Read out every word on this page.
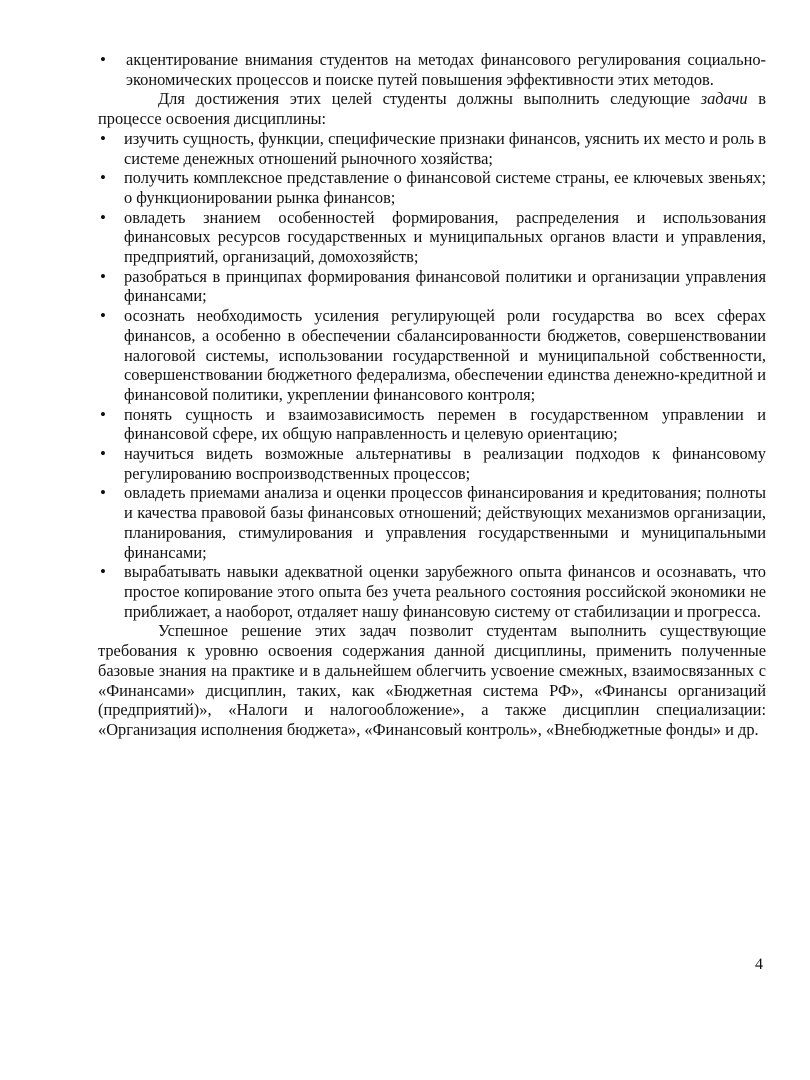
• акцентирование внимания студентов на методах финансового регулирования социально-экономических процессов и поиске путей повышения эффективности этих методов.

Для достижения этих целей студенты должны выполнить следующие задачи в процессе освоения дисциплины:

• изучить сущность, функции, специфические признаки финансов, уяснить их место и роль в системе денежных отношений рыночного хозяйства;
• получить комплексное представление о финансовой системе страны, ее ключевых звеньях; о функционировании рынка финансов;
• овладеть знанием особенностей формирования, распределения и использования финансовых ресурсов государственных и муниципальных органов власти и управления, предприятий, организаций, домохозяйств;
• разобраться в принципах формирования финансовой политики и организации управления финансами;
• осознать необходимость усиления регулирующей роли государства во всех сферах финансов, а особенно в обеспечении сбалансированности бюджетов, совершенствовании налоговой системы, использовании государственной и муниципальной собственности, совершенствовании бюджетного федерализма, обеспечении единства денежно-кредитной и финансовой политики, укреплении финансового контроля;
• понять сущность и взаимозависимость перемен в государственном управлении и финансовой сфере, их общую направленность и целевую ориентацию;
• научиться видеть возможные альтернативы в реализации подходов к финансовому регулированию воспроизводственных процессов;
• овладеть приемами анализа и оценки процессов финансирования и кредитования; полноты и качества правовой базы финансовых отношений; действующих механизмов организации, планирования, стимулирования и управления государственными и муниципальными финансами;
• вырабатывать навыки адекватной оценки зарубежного опыта финансов и осознавать, что простое копирование этого опыта без учета реального состояния российской экономики не приближает, а наоборот, отдаляет нашу финансовую систему от стабилизации и прогресса.

Успешное решение этих задач позволит студентам выполнить существующие требования к уровню освоения содержания данной дисциплины, применить полученные базовые знания на практике и в дальнейшем облегчить усвоение смежных, взаимосвязанных с «Финансами» дисциплин, таких, как «Бюджетная система РФ», «Финансы организаций (предприятий)», «Налоги и налогообложение», а также дисциплин специализации: «Организация исполнения бюджета», «Финансовый контроль», «Внебюджетные фонды» и др.

4
